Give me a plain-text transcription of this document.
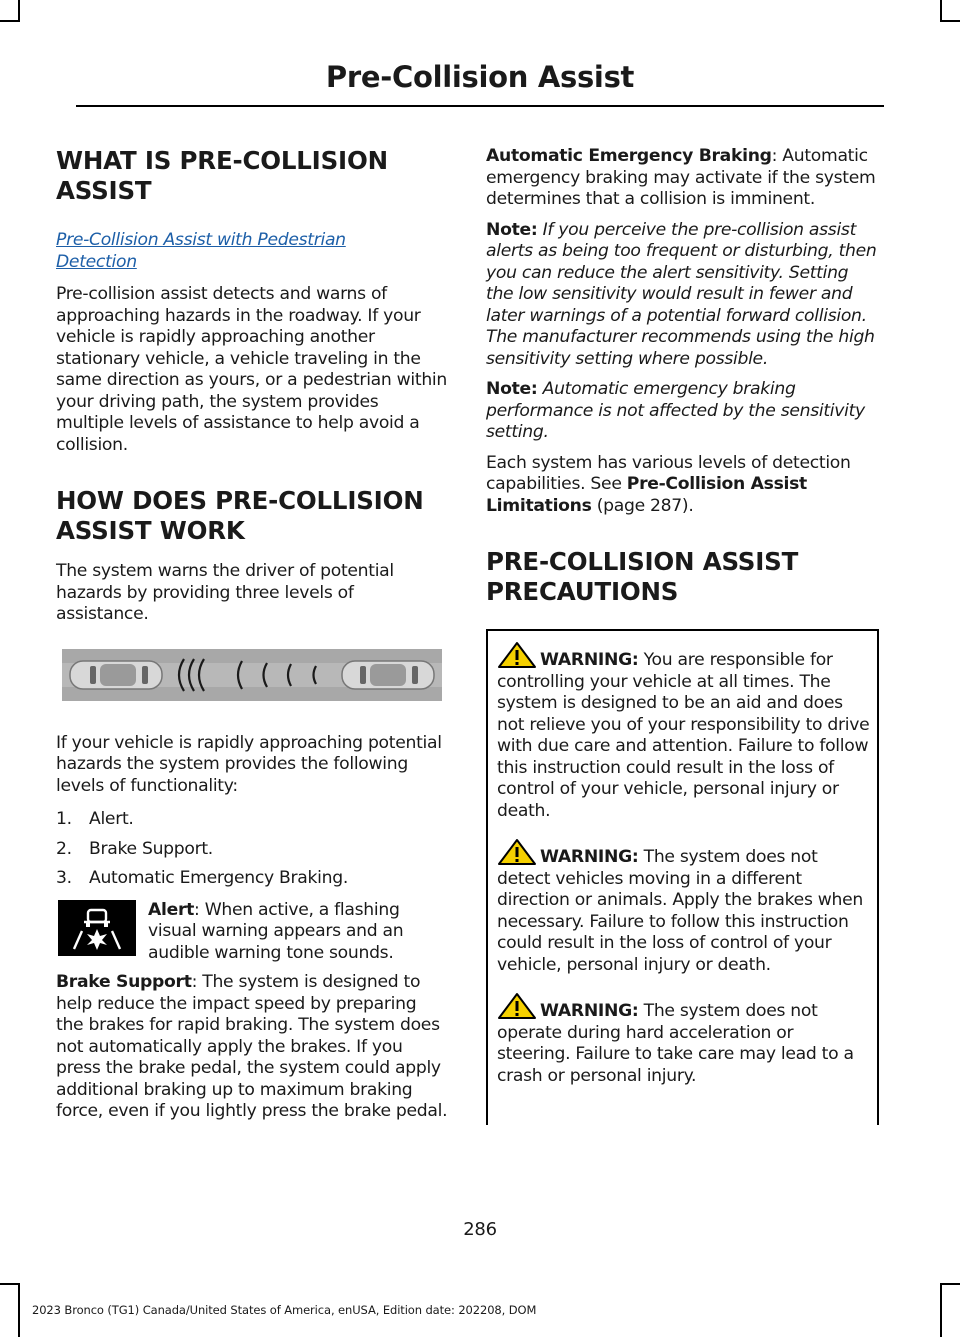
Pre-Collision Assist
WHAT IS PRE-COLLISION
ASSIST

Pre-Collision Assist with Pedestrian
Detection

Pre-collision assist detects and warns of approaching hazards in the roadway. If your vehicle is rapidly approaching another stationary vehicle, a vehicle traveling in the same direction as yours, or a pedestrian within your driving path, the system provides multiple levels of assistance to help avoid a collision.

HOW DOES PRE-COLLISION
ASSIST WORK

The system warns the driver of potential hazards by providing three levels of assistance.

If your vehicle is rapidly approaching potential hazards the system provides the following levels of functionality:

1. Alert.
2. Brake Support.
3. Automatic Emergency Braking.

Alert: When active, a flashing visual warning appears and an audible warning tone sounds.

Brake Support: The system is designed to help reduce the impact speed by preparing the brakes for rapid braking. The system does not automatically apply the brakes. If you press the brake pedal, the system could apply additional braking up to maximum braking force, even if you lightly press the brake pedal.

Automatic Emergency Braking: Automatic emergency braking may activate if the system determines that a collision is imminent.

Note: If you perceive the pre-collision assist alerts as being too frequent or disturbing, then you can reduce the alert sensitivity. Setting the low sensitivity would result in fewer and later warnings of a potential forward collision. The manufacturer recommends using the high sensitivity setting where possible.

Note: Automatic emergency braking performance is not affected by the sensitivity setting.

Each system has various levels of detection capabilities. See Pre-Collision Assist Limitations (page 287).

PRE-COLLISION ASSIST
PRECAUTIONS
WARNING: You are responsible for controlling your vehicle at all times. The system is designed to be an aid and does not relieve you of your responsibility to drive with due care and attention. Failure to follow this instruction could result in the loss of control of your vehicle, personal injury or death.
WARNING: The system does not detect vehicles moving in a different direction or animals. Apply the brakes when necessary. Failure to follow this instruction could result in the loss of control of your vehicle, personal injury or death.
WARNING: The system does not operate during hard acceleration or steering. Failure to take care may lead to a crash or personal injury.

286

2023 Bronco (TG1) Canada/United States of America, enUSA, Edition date: 202208, DOM
